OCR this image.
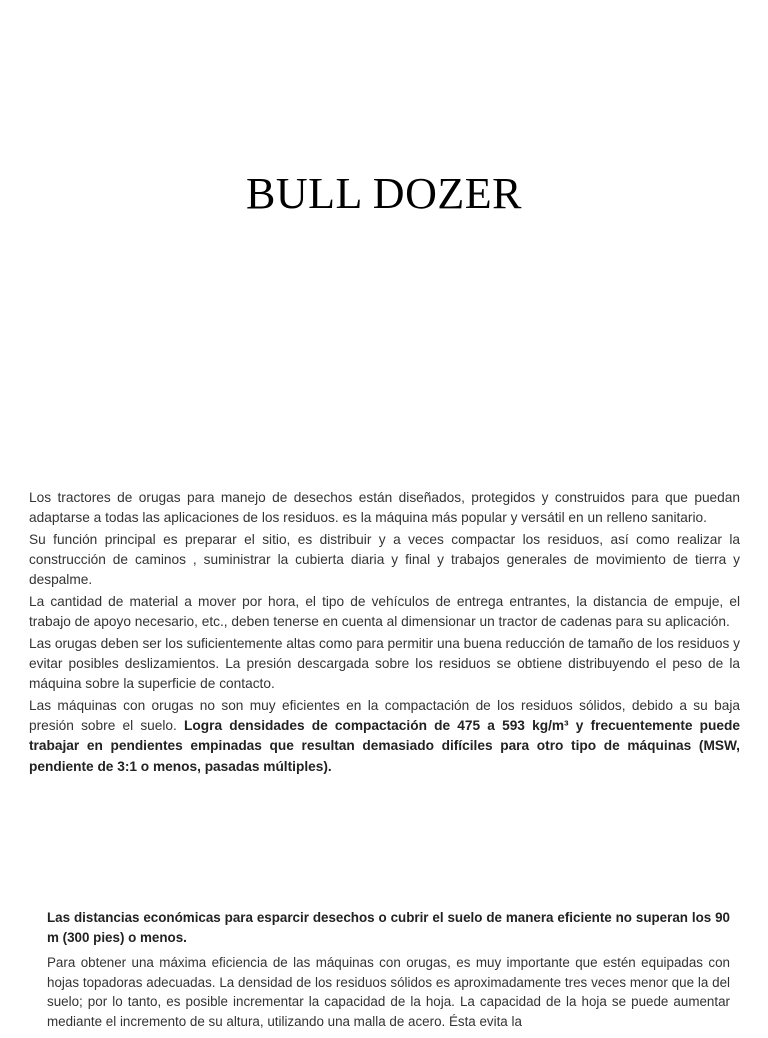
BULL DOZER

Los tractores de orugas para manejo de desechos están diseñados, protegidos y construidos para que puedan adaptarse a todas las aplicaciones de los residuos. es la máquina más popular y versátil en un relleno sanitario.

Su función principal es preparar el sitio, es distribuir y a veces compactar los residuos, así como realizar la construcción de caminos , suministrar la cubierta diaria y final y trabajos generales de movimiento de tierra y despalme.

La cantidad de material a mover por hora, el tipo de vehículos de entrega entrantes, la distancia de empuje, el trabajo de apoyo necesario, etc., deben tenerse en cuenta al dimensionar un tractor de cadenas para su aplicación.

Las orugas deben ser los suficientemente altas como para permitir una buena reducción de tamaño de los residuos y evitar posibles deslizamientos. La presión descargada sobre los residuos se obtiene distribuyendo el peso de la máquina sobre la superficie de contacto.

Las máquinas con orugas no son muy eficientes en la compactación de los residuos sólidos, debido a su baja presión sobre el suelo. Logra densidades de compactación de 475 a 593 kg/m³ y frecuentemente puede trabajar en pendientes empinadas que resultan demasiado difíciles para otro tipo de máquinas (MSW, pendiente de 3:1 o menos, pasadas múltiples).

Las distancias económicas para esparcir desechos o cubrir el suelo de manera eficiente no superan los 90 m (300 pies) o menos.

Para obtener una máxima eficiencia de las máquinas con orugas, es muy importante que estén equipadas con hojas topadoras adecuadas. La densidad de los residuos sólidos es aproximadamente tres veces menor que la del suelo; por lo tanto, es posible incrementar la capacidad de la hoja. La capacidad de la hoja se puede aumentar mediante el incremento de su altura, utilizando una malla de acero. Ésta evita la
